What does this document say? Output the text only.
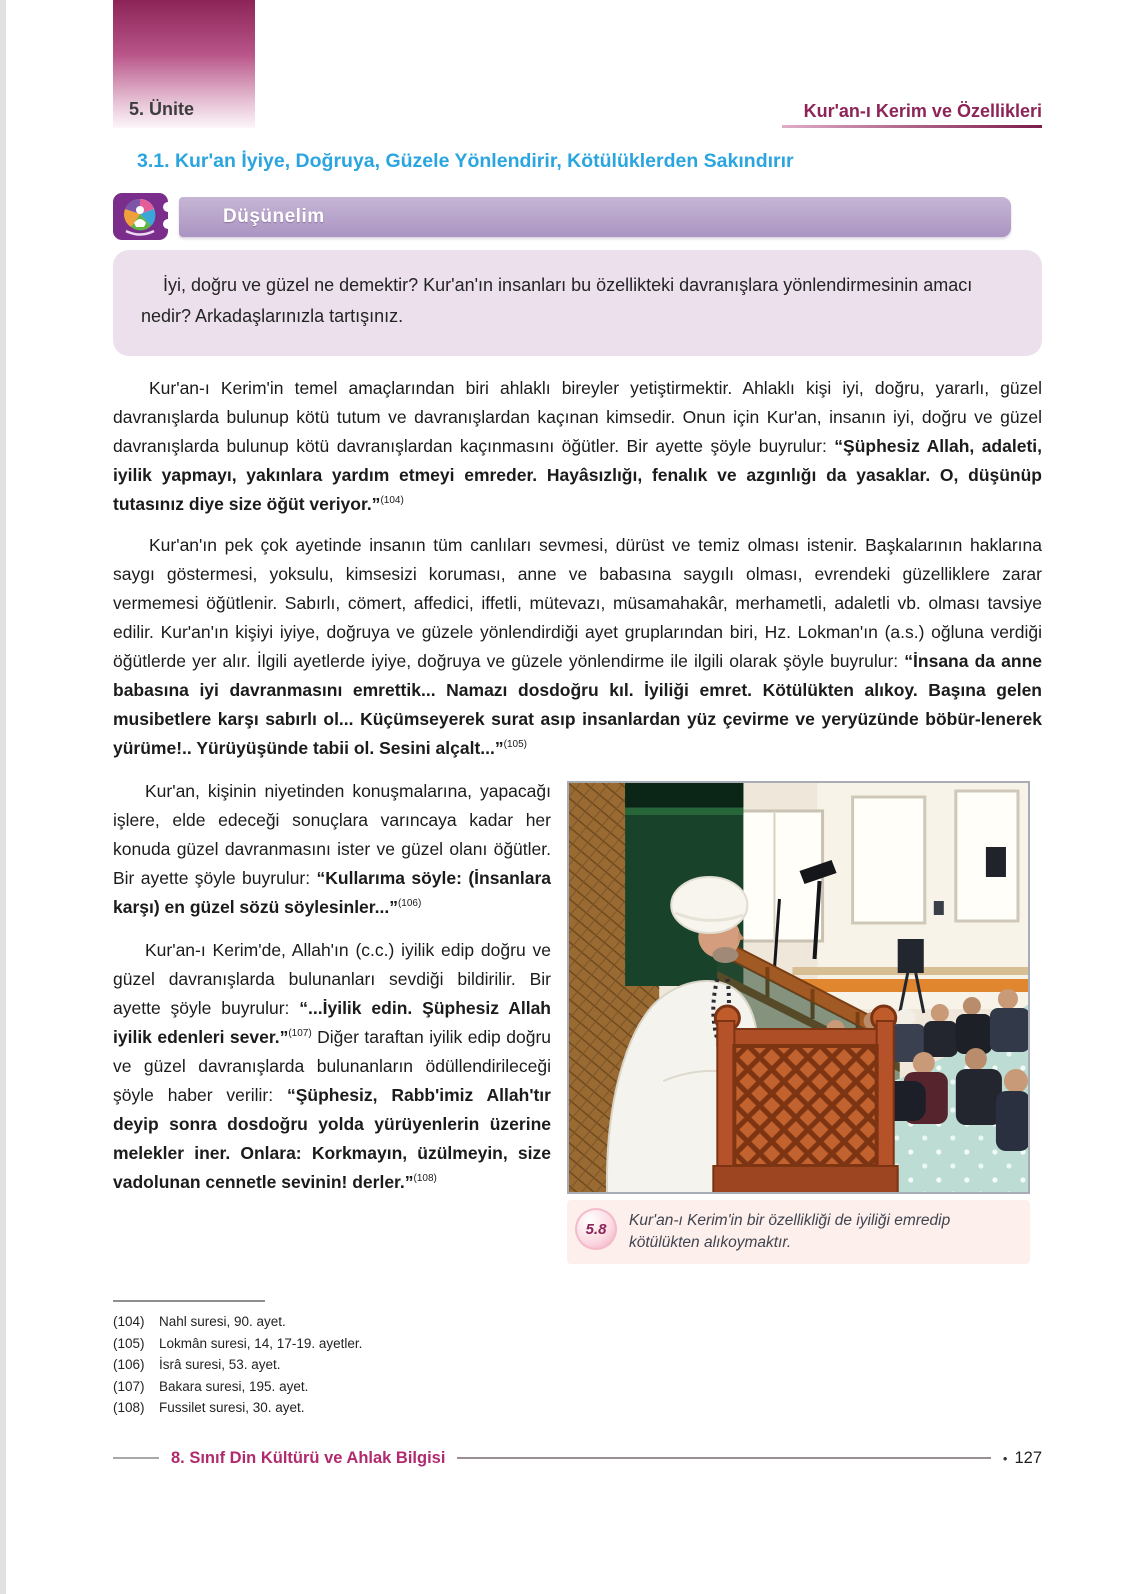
5. Ünite	Kur'an-ı Kerim ve Özellikleri
3.1. Kur'an İyiye, Doğruya, Güzele Yönlendirir, Kötülüklerden Sakındırır
Düşünelim

İyi, doğru ve güzel ne demektir? Kur'an'ın insanları bu özellikteki davranışlara yönlendirmesinin amacı nedir? Arkadaşlarınızla tartışınız.

Kur'an-ı Kerim'in temel amaçlarından biri ahlaklı bireyler yetiştirmektir. Ahlaklı kişi iyi, doğru, yararlı, güzel davranışlarda bulunup kötü tutum ve davranışlardan kaçınan kimsedir. Onun için Kur'an, insanın iyi, doğru ve güzel davranışlarda bulunup kötü davranışlardan kaçınmasını öğütler. Bir ayette şöyle buyrulur: “Şüphesiz Allah, adaleti, iyilik yapmayı, yakınlara yardım etmeyi emreder. Hayâsızlığı, fenalık ve azgınlığı da yasaklar. O, düşünüp tutasınız diye size öğüt veriyor.”$^{(104)}$

Kur'an'ın pek çok ayetinde insanın tüm canlıları sevmesi, dürüst ve temiz olması istenir. Başkalarının haklarına saygı göstermesi, yoksulu, kimsesizi koruması, anne ve babasına saygılı olması, evrendeki güzelliklere zarar vermemesi öğütlenir. Sabırlı, cömert, affedici, iffetli, mütevazı, müsamahakâr, merhametli, adaletli vb. olması tavsiye edilir. Kur'an'ın kişiyi iyiye, doğruya ve güzele yönlendirdiği ayet gruplarından biri, Hz. Lokman'ın (a.s.) oğluna verdiği öğütlerde yer alır. İlgili ayetlerde iyiye, doğruya ve güzele yönlendirme ile ilgili olarak şöyle buyrulur: “İnsana da anne babasına iyi davranmasını emrettik... Namazı dosdoğru kıl. İyiliği emret. Kötülükten alıkoy. Başına gelen musibetlere karşı sabırlı ol... Küçümseyerek surat asıp insanlardan yüz çevirme ve yeryüzünde böbür-lenerek yürüme!.. Yürüyüşünde tabii ol. Sesini alçalt...”$^{(105)}$

Kur'an, kişinin niyetinden konuşmalarına, yapacağı işlere, elde edeceği sonuçlara varıncaya kadar her konuda güzel davranmasını ister ve güzel olanı öğütler. Bir ayette şöyle buyrulur: “Kullarıma söyle: (İnsanlara karşı) en güzel sözü söylesinler...”$^{(106)}$

Kur'an-ı Kerim'de, Allah'ın (c.c.) iyilik edip doğru ve güzel davranışlarda bulunanları sevdiği bildirilir. Bir ayette şöyle buyrulur: “...İyilik edin. Şüphesiz Allah iyilik edenleri sever.”$^{(107)}$ Diğer taraftan iyilik edip doğru ve güzel davranışlarda bulunanların ödüllendirileceği şöyle haber verilir: “Şüphesiz, Rabb'imiz Allah'tır deyip sonra dosdoğru yolda yürüyenlerin üzerine melekler iner. Onlara: Korkmayın, üzülmeyin, size vadolunan cennetle sevinin! derler.”$^{(108)}$

5.8 Kur'an-ı Kerim'in bir özellikliği de iyiliği emredip kötülükten alıkoymaktır.
(104)	Nahl suresi, 90. ayet.
(105)	Lokmân suresi, 14, 17-19. ayetler.
(106)	İsrâ suresi, 53. ayet.
(107)	Bakara suresi, 195. ayet.
(108)	Fussilet suresi, 30. ayet.
8. Sınıf Din Kültürü ve Ahlak Bilgisi	• 127
